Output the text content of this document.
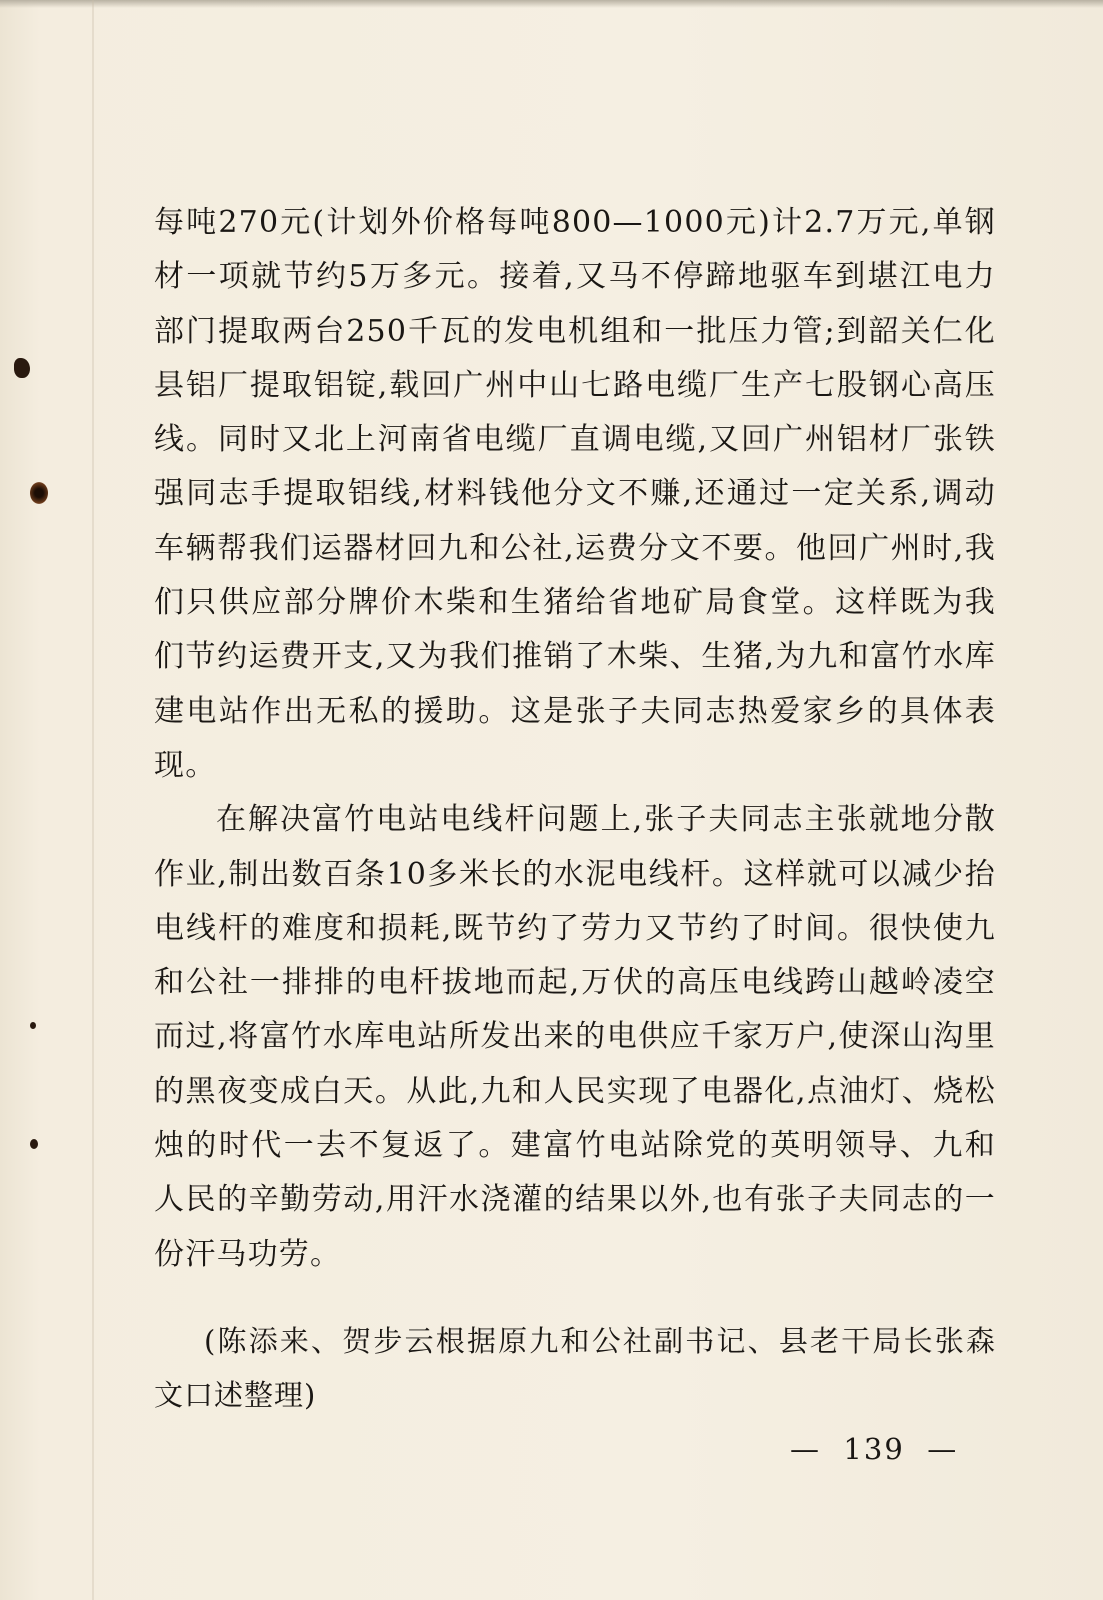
每吨270元(计划外价格每吨800—1000元)计2.7万元,单钢材一项就节约5万多元。接着,又马不停蹄地驱车到堪江电力部门提取两台250千瓦的发电机组和一批压力管;到韶关仁化县铝厂提取铝锭,载回广州中山七路电缆厂生产七股钢心高压线。同时又北上河南省电缆厂直调电缆,又回广州铝材厂张铁强同志手提取铝线,材料钱他分文不赚,还通过一定关系,调动车辆帮我们运器材回九和公社,运费分文不要。他回广州时,我们只供应部分牌价木柴和生猪给省地矿局食堂。这样既为我们节约运费开支,又为我们推销了木柴、生猪,为九和富竹水库建电站作出无私的援助。这是张子夫同志热爱家乡的具体表现。

在解决富竹电站电线杆问题上,张子夫同志主张就地分散作业,制出数百条10多米长的水泥电线杆。这样就可以减少抬电线杆的难度和损耗,既节约了劳力又节约了时间。很快使九和公社一排排的电杆拔地而起,万伏的高压电线跨山越岭凌空而过,将富竹水库电站所发出来的电供应千家万户,使深山沟里的黑夜变成白天。从此,九和人民实现了电器化,点油灯、烧松烛的时代一去不复返了。建富竹电站除党的英明领导、九和人民的辛勤劳动,用汗水浇灌的结果以外,也有张子夫同志的一份汗马功劳。

(陈添来、贺步云根据原九和公社副书记、县老干局长张森文口述整理)

—  139  —
